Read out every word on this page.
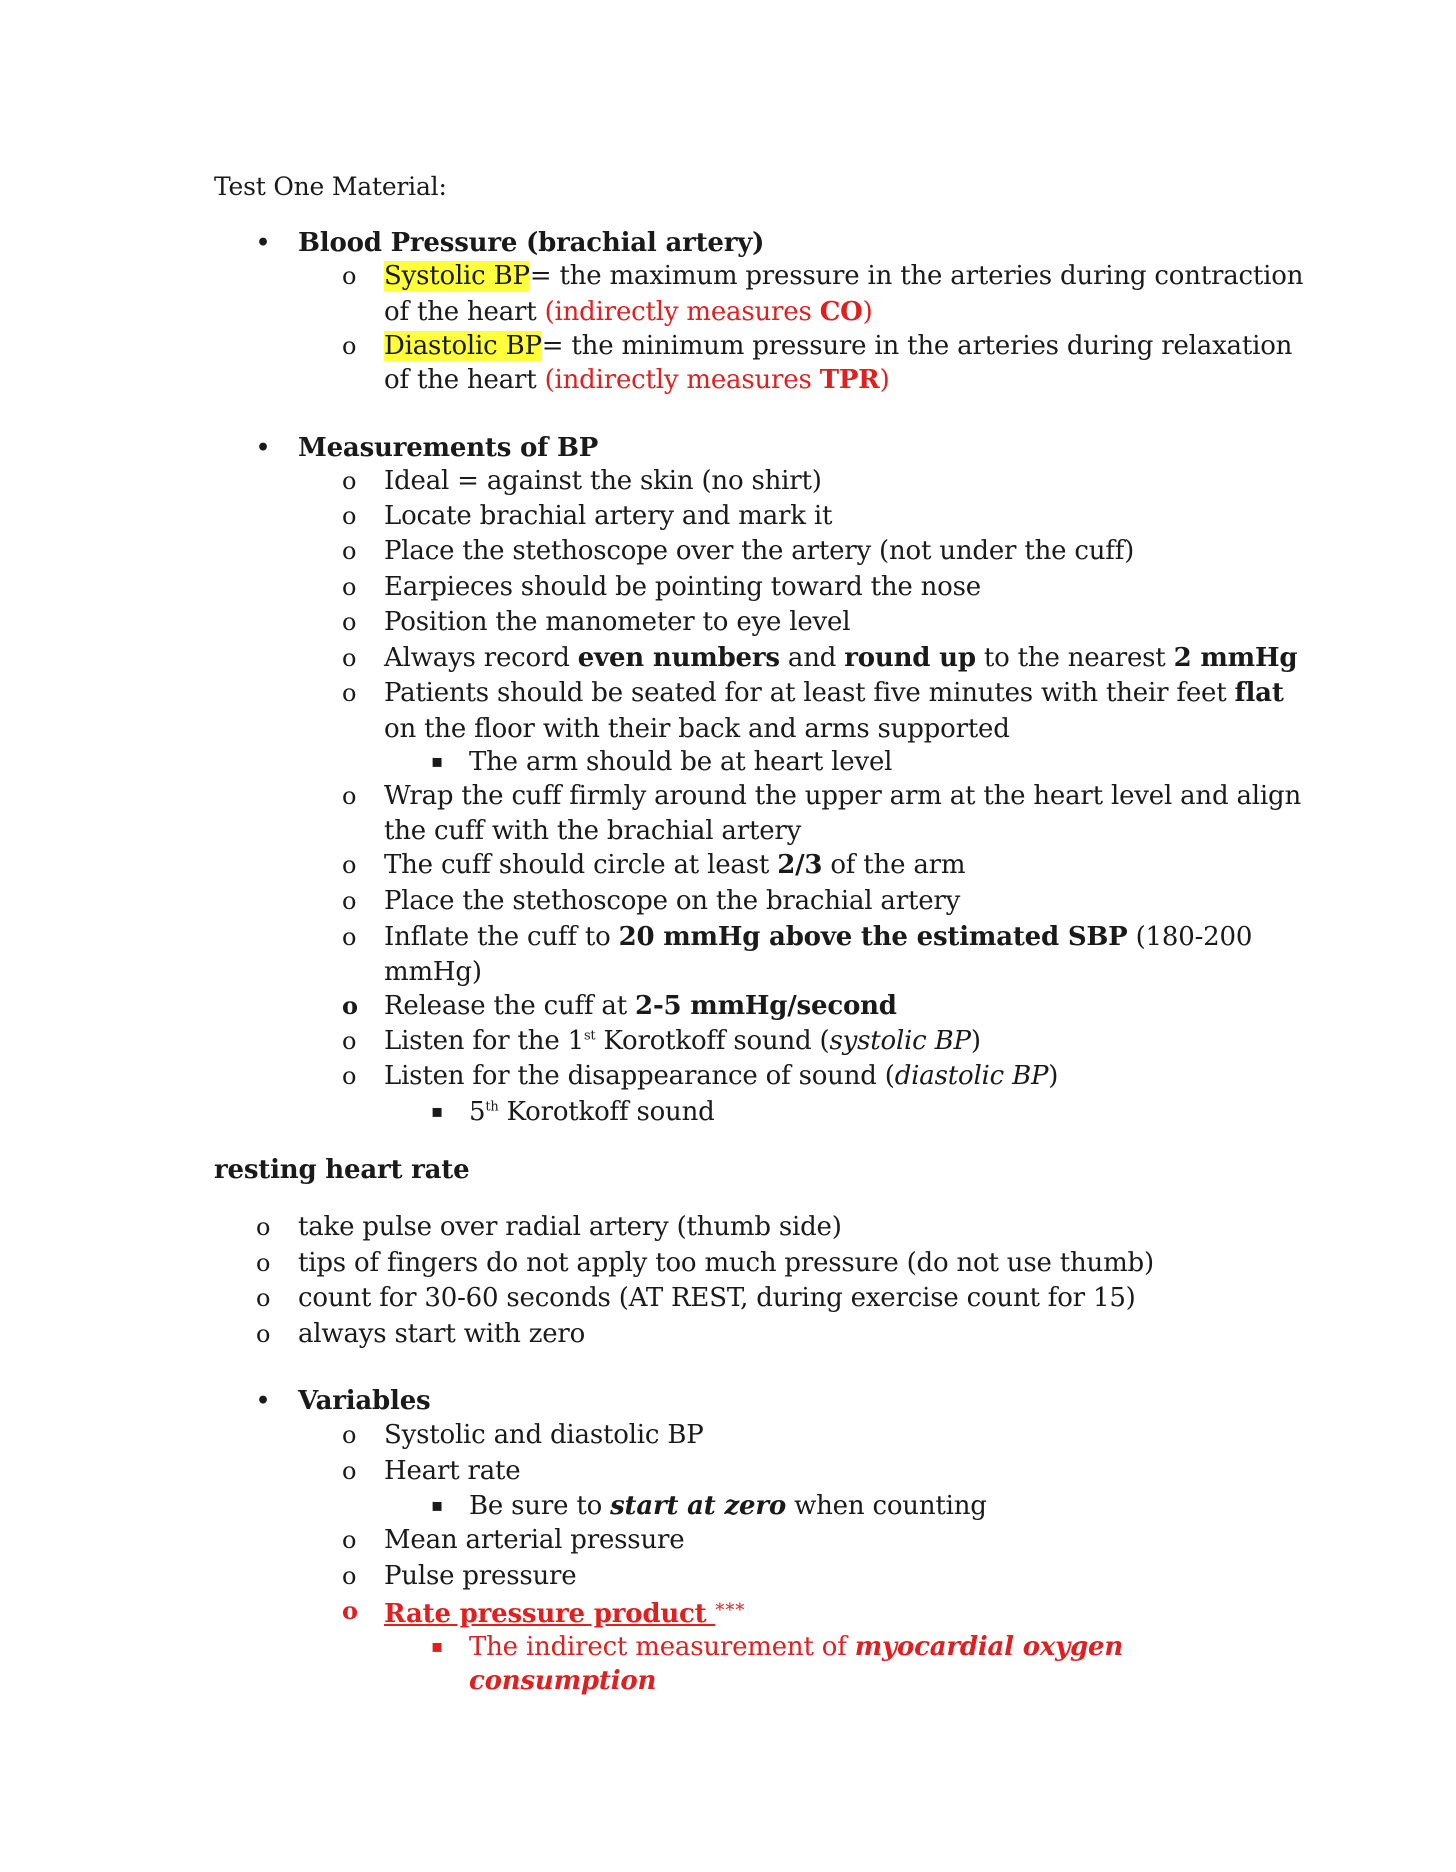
Test One Material:
• Blood Pressure (brachial artery)
o Systolic BP= the maximum pressure in the arteries during contraction
of the heart (indirectly measures CO)
o Diastolic BP= the minimum pressure in the arteries during relaxation
of the heart (indirectly measures TPR)
• Measurements of BP
o Ideal = against the skin (no shirt)
o Locate brachial artery and mark it
o Place the stethoscope over the artery (not under the cuff)
o Earpieces should be pointing toward the nose
o Position the manometer to eye level
o Always record even numbers and round up to the nearest 2 mmHg
o Patients should be seated for at least five minutes with their feet flat
on the floor with their back and arms supported
▪ The arm should be at heart level
o Wrap the cuff firmly around the upper arm at the heart level and align
the cuff with the brachial artery
o The cuff should circle at least 2/3 of the arm
o Place the stethoscope on the brachial artery
o Inflate the cuff to 20 mmHg above the estimated SBP (180-200
mmHg)
o Release the cuff at 2-5 mmHg/second
o Listen for the 1st Korotkoff sound (systolic BP)
o Listen for the disappearance of sound (diastolic BP)
▪ 5th Korotkoff sound
resting heart rate
o take pulse over radial artery (thumb side)
o tips of fingers do not apply too much pressure (do not use thumb)
o count for 30-60 seconds (AT REST, during exercise count for 15)
o always start with zero
• Variables
o Systolic and diastolic BP
o Heart rate
▪ Be sure to start at zero when counting
o Mean arterial pressure
o Pulse pressure
o Rate pressure product ***
▪ The indirect measurement of myocardial oxygen
consumption
